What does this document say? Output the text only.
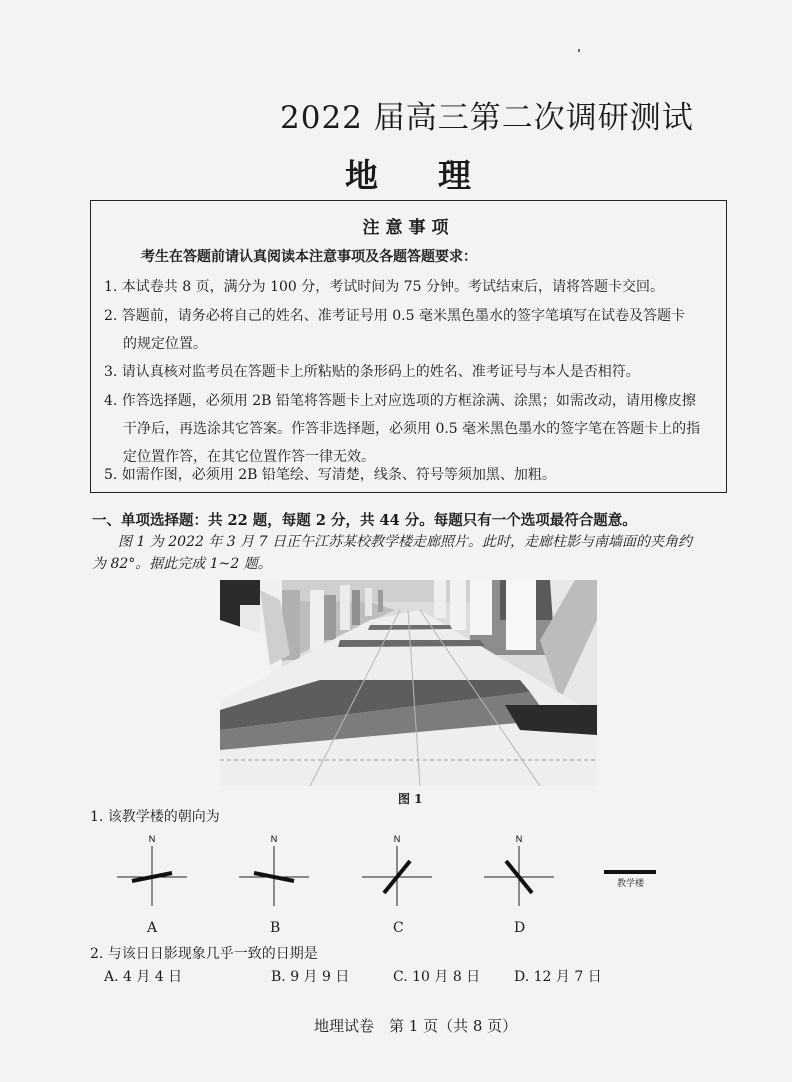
2022 届高三第二次调研测试
地理
注意事项
考生在答题前请认真阅读本注意事项及各题答题要求：
1. 本试卷共 8 页，满分为 100 分，考试时间为 75 分钟。考试结束后，请将答题卡交回。
2. 答题前，请务必将自己的姓名、准考证号用 0.5 毫米黑色墨水的签字笔填写在试卷及答题卡
的规定位置。
3. 请认真核对监考员在答题卡上所粘贴的条形码上的姓名、准考证号与本人是否相符。
4. 作答选择题，必须用 2B 铅笔将答题卡上对应选项的方框涂满、涂黑；如需改动，请用橡皮擦
干净后，再选涂其它答案。作答非选择题，必须用 0.5 毫米黑色墨水的签字笔在答题卡上的指
定位置作答，在其它位置作答一律无效。
5. 如需作图，必须用 2B 铅笔绘、写清楚，线条、符号等须加黑、加粗。
一、单项选择题：共 22 题，每题 2 分，共 44 分。每题只有一个选项最符合题意。
图 1 为 2022 年 3 月 7 日正午江苏某校教学楼走廊照片。此时，走廊柱影与南墙面的夹角约
为 82°。据此完成 1~2 题。
图 1
1. 该教学楼的朝向为
N	N	N	N
A	B	C	D
教学楼
2. 与该日日影现象几乎一致的日期是
A. 4 月 4 日	B. 9 月 9 日	C. 10 月 8 日 D. 12 月 7 日
地理试卷　第 1 页（共 8 页）
